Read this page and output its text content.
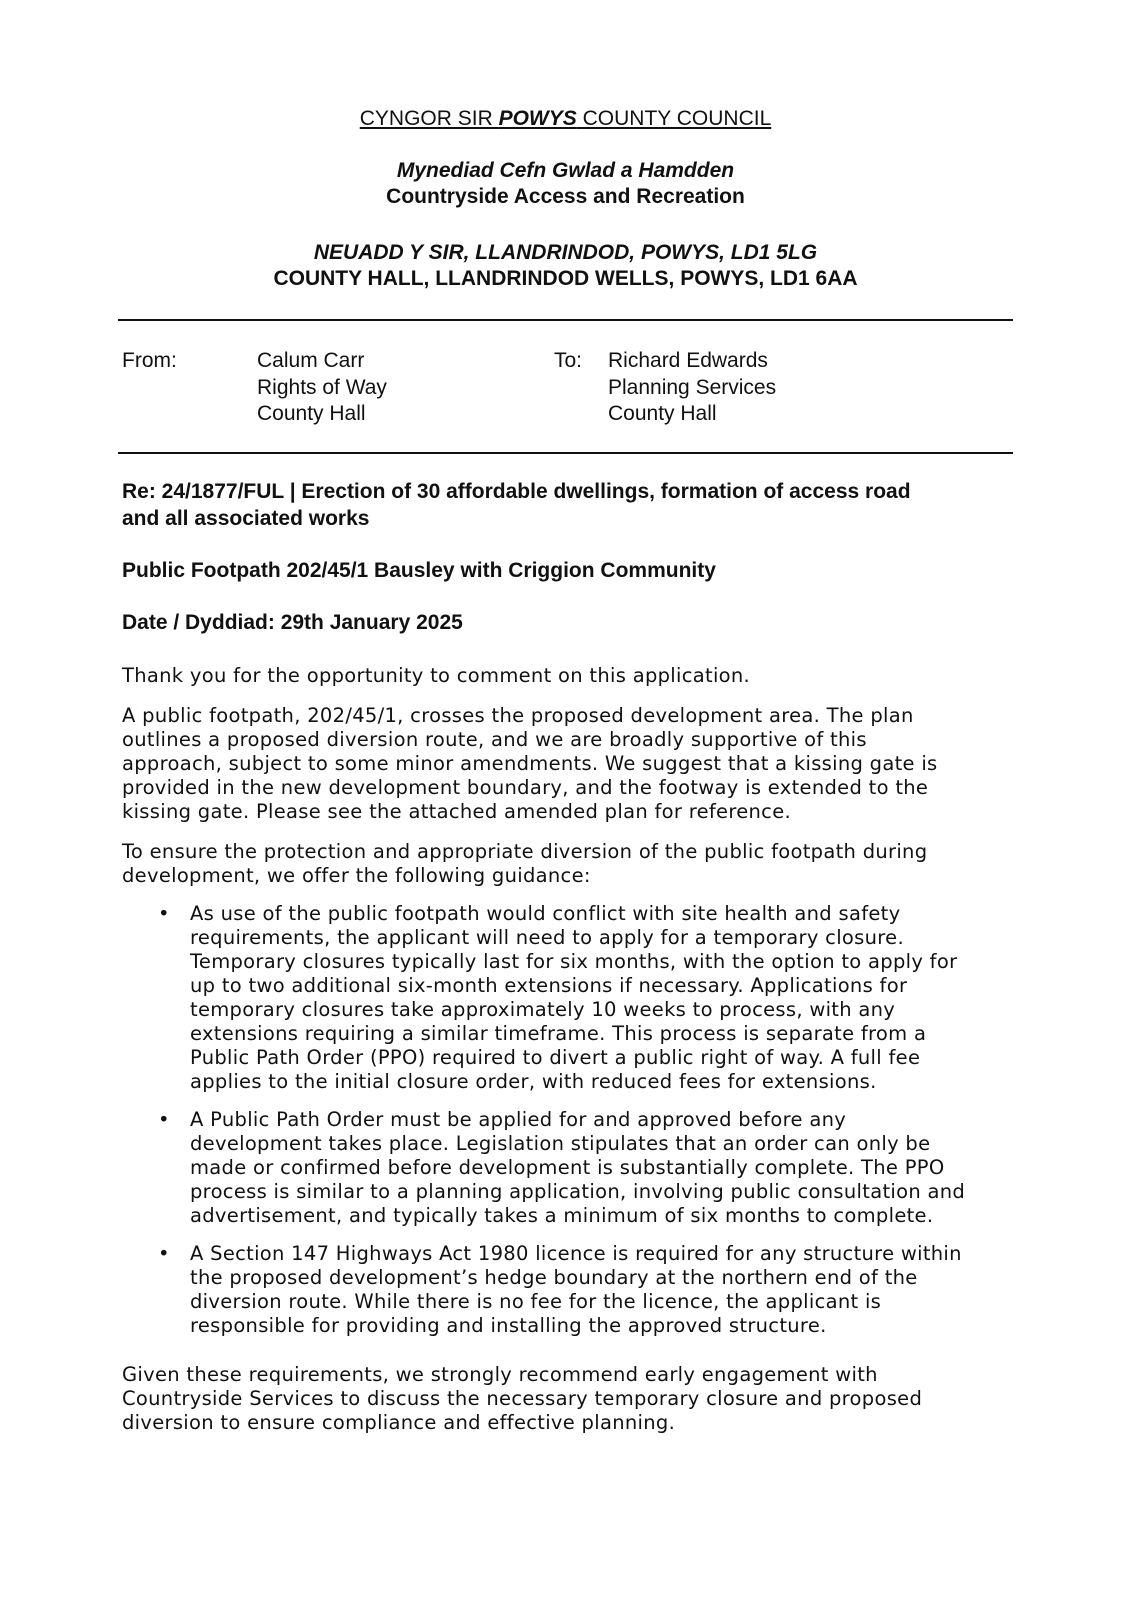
CYNGOR SIR POWYS COUNTY COUNCIL
Mynediad Cefn Gwlad a Hamdden
Countryside Access and Recreation
NEUADD Y SIR, LLANDRINDOD, POWYS, LD1 5LG
COUNTY HALL, LLANDRINDOD WELLS, POWYS, LD1 6AA
From:	Calum Carr
Rights of Way
County Hall
To: Richard Edwards
Planning Services
County Hall
Re: 24/1877/FUL | Erection of 30 affordable dwellings, formation of access road
and all associated works
Public Footpath 202/45/1 Bausley with Criggion Community
Date / Dyddiad: 29th January 2025
Thank you for the opportunity to comment on this application.
A public footpath, 202/45/1, crosses the proposed development area. The plan
outlines a proposed diversion route, and we are broadly supportive of this
approach, subject to some minor amendments. We suggest that a kissing gate is
provided in the new development boundary, and the footway is extended to the
kissing gate. Please see the attached amended plan for reference.
To ensure the protection and appropriate diversion of the public footpath during
development, we offer the following guidance:
• As use of the public footpath would conflict with site health and safety
requirements, the applicant will need to apply for a temporary closure.
Temporary closures typically last for six months, with the option to apply for
up to two additional six-month extensions if necessary. Applications for
temporary closures take approximately 10 weeks to process, with any
extensions requiring a similar timeframe. This process is separate from a
Public Path Order (PPO) required to divert a public right of way. A full fee
applies to the initial closure order, with reduced fees for extensions.
• A Public Path Order must be applied for and approved before any
development takes place. Legislation stipulates that an order can only be
made or confirmed before development is substantially complete. The PPO
process is similar to a planning application, involving public consultation and
advertisement, and typically takes a minimum of six months to complete.
• A Section 147 Highways Act 1980 licence is required for any structure within
the proposed development’s hedge boundary at the northern end of the
diversion route. While there is no fee for the licence, the applicant is
responsible for providing and installing the approved structure.
Given these requirements, we strongly recommend early engagement with
Countryside Services to discuss the necessary temporary closure and proposed
diversion to ensure compliance and effective planning.
